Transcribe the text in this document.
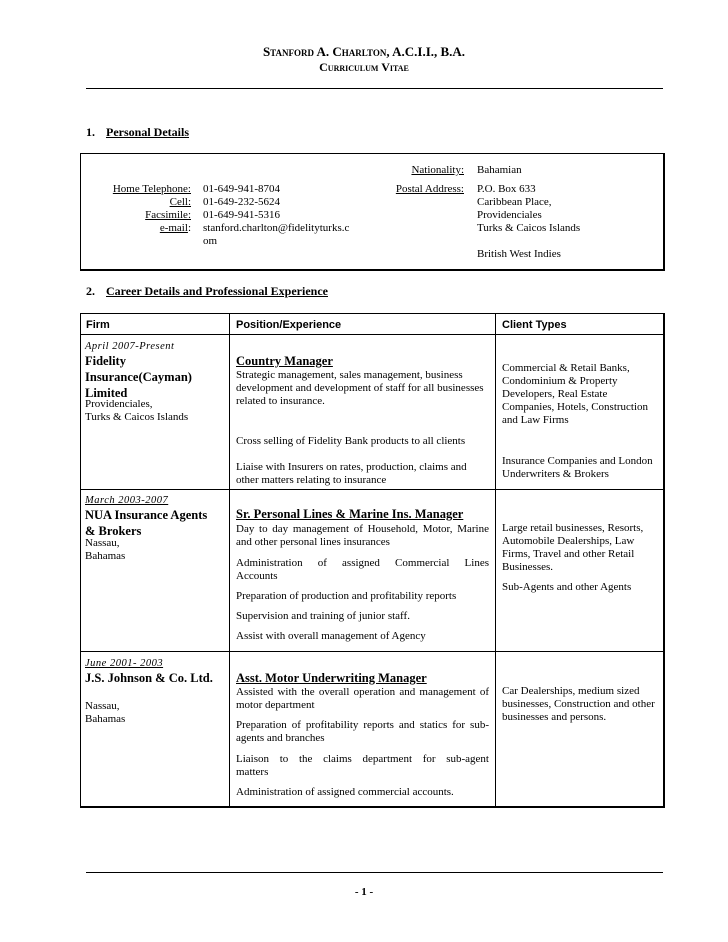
Stanford A. Charlton, A.C.I.I., B.A.
Curriculum Vitae
1. Personal Details
Nationality: Bahamian
Home Telephone: 01-649-941-8704
Cell: 01-649-232-5624
Facsimile: 01-649-941-5316
e-mail: stanford.charlton@fidelityturks.c
om
Postal Address: P.O. Box 633
Caribbean Place,
Providenciales
Turks & Caicos Islands
British West Indies
2. Career Details and Professional Experience
Firm	Position/Experience	Client Types
April 2007-Present
Fidelity
Insurance(Cayman)
Limited
Providenciales,
Turks & Caicos Islands
Country Manager
Strategic management, sales management, business development and development of staff for all businesses related to insurance.
Cross selling of Fidelity Bank products to all clients
Liaise with Insurers on rates, production, claims and other matters relating to insurance
Commercial & Retail Banks, Condominium & Property Developers, Real Estate Companies, Hotels, Construction and Law Firms
Insurance Companies and London Underwriters & Brokers
March 2003-2007
NUA Insurance Agents
& Brokers
Nassau,
Bahamas
Sr. Personal Lines & Marine Ins. Manager
Day to day management of Household, Motor, Marine and other personal lines insurances
Administration of assigned Commercial Lines Accounts
Preparation of production and profitability reports
Supervision and training of junior staff.
Assist with overall management of Agency
Large retail businesses, Resorts, Automobile Dealerships, Law Firms, Travel and other Retail Businesses.
Sub-Agents and other Agents
June 2001- 2003
J.S. Johnson & Co. Ltd.
Nassau,
Bahamas
Asst. Motor Underwriting Manager
Assisted with the overall operation and management of motor department
Preparation of profitability reports and statics for sub-agents and branches
Liaison to the claims department for sub-agent matters
Administration of assigned commercial accounts.
Car Dealerships, medium sized businesses, Construction and other businesses and persons.
- 1 -
